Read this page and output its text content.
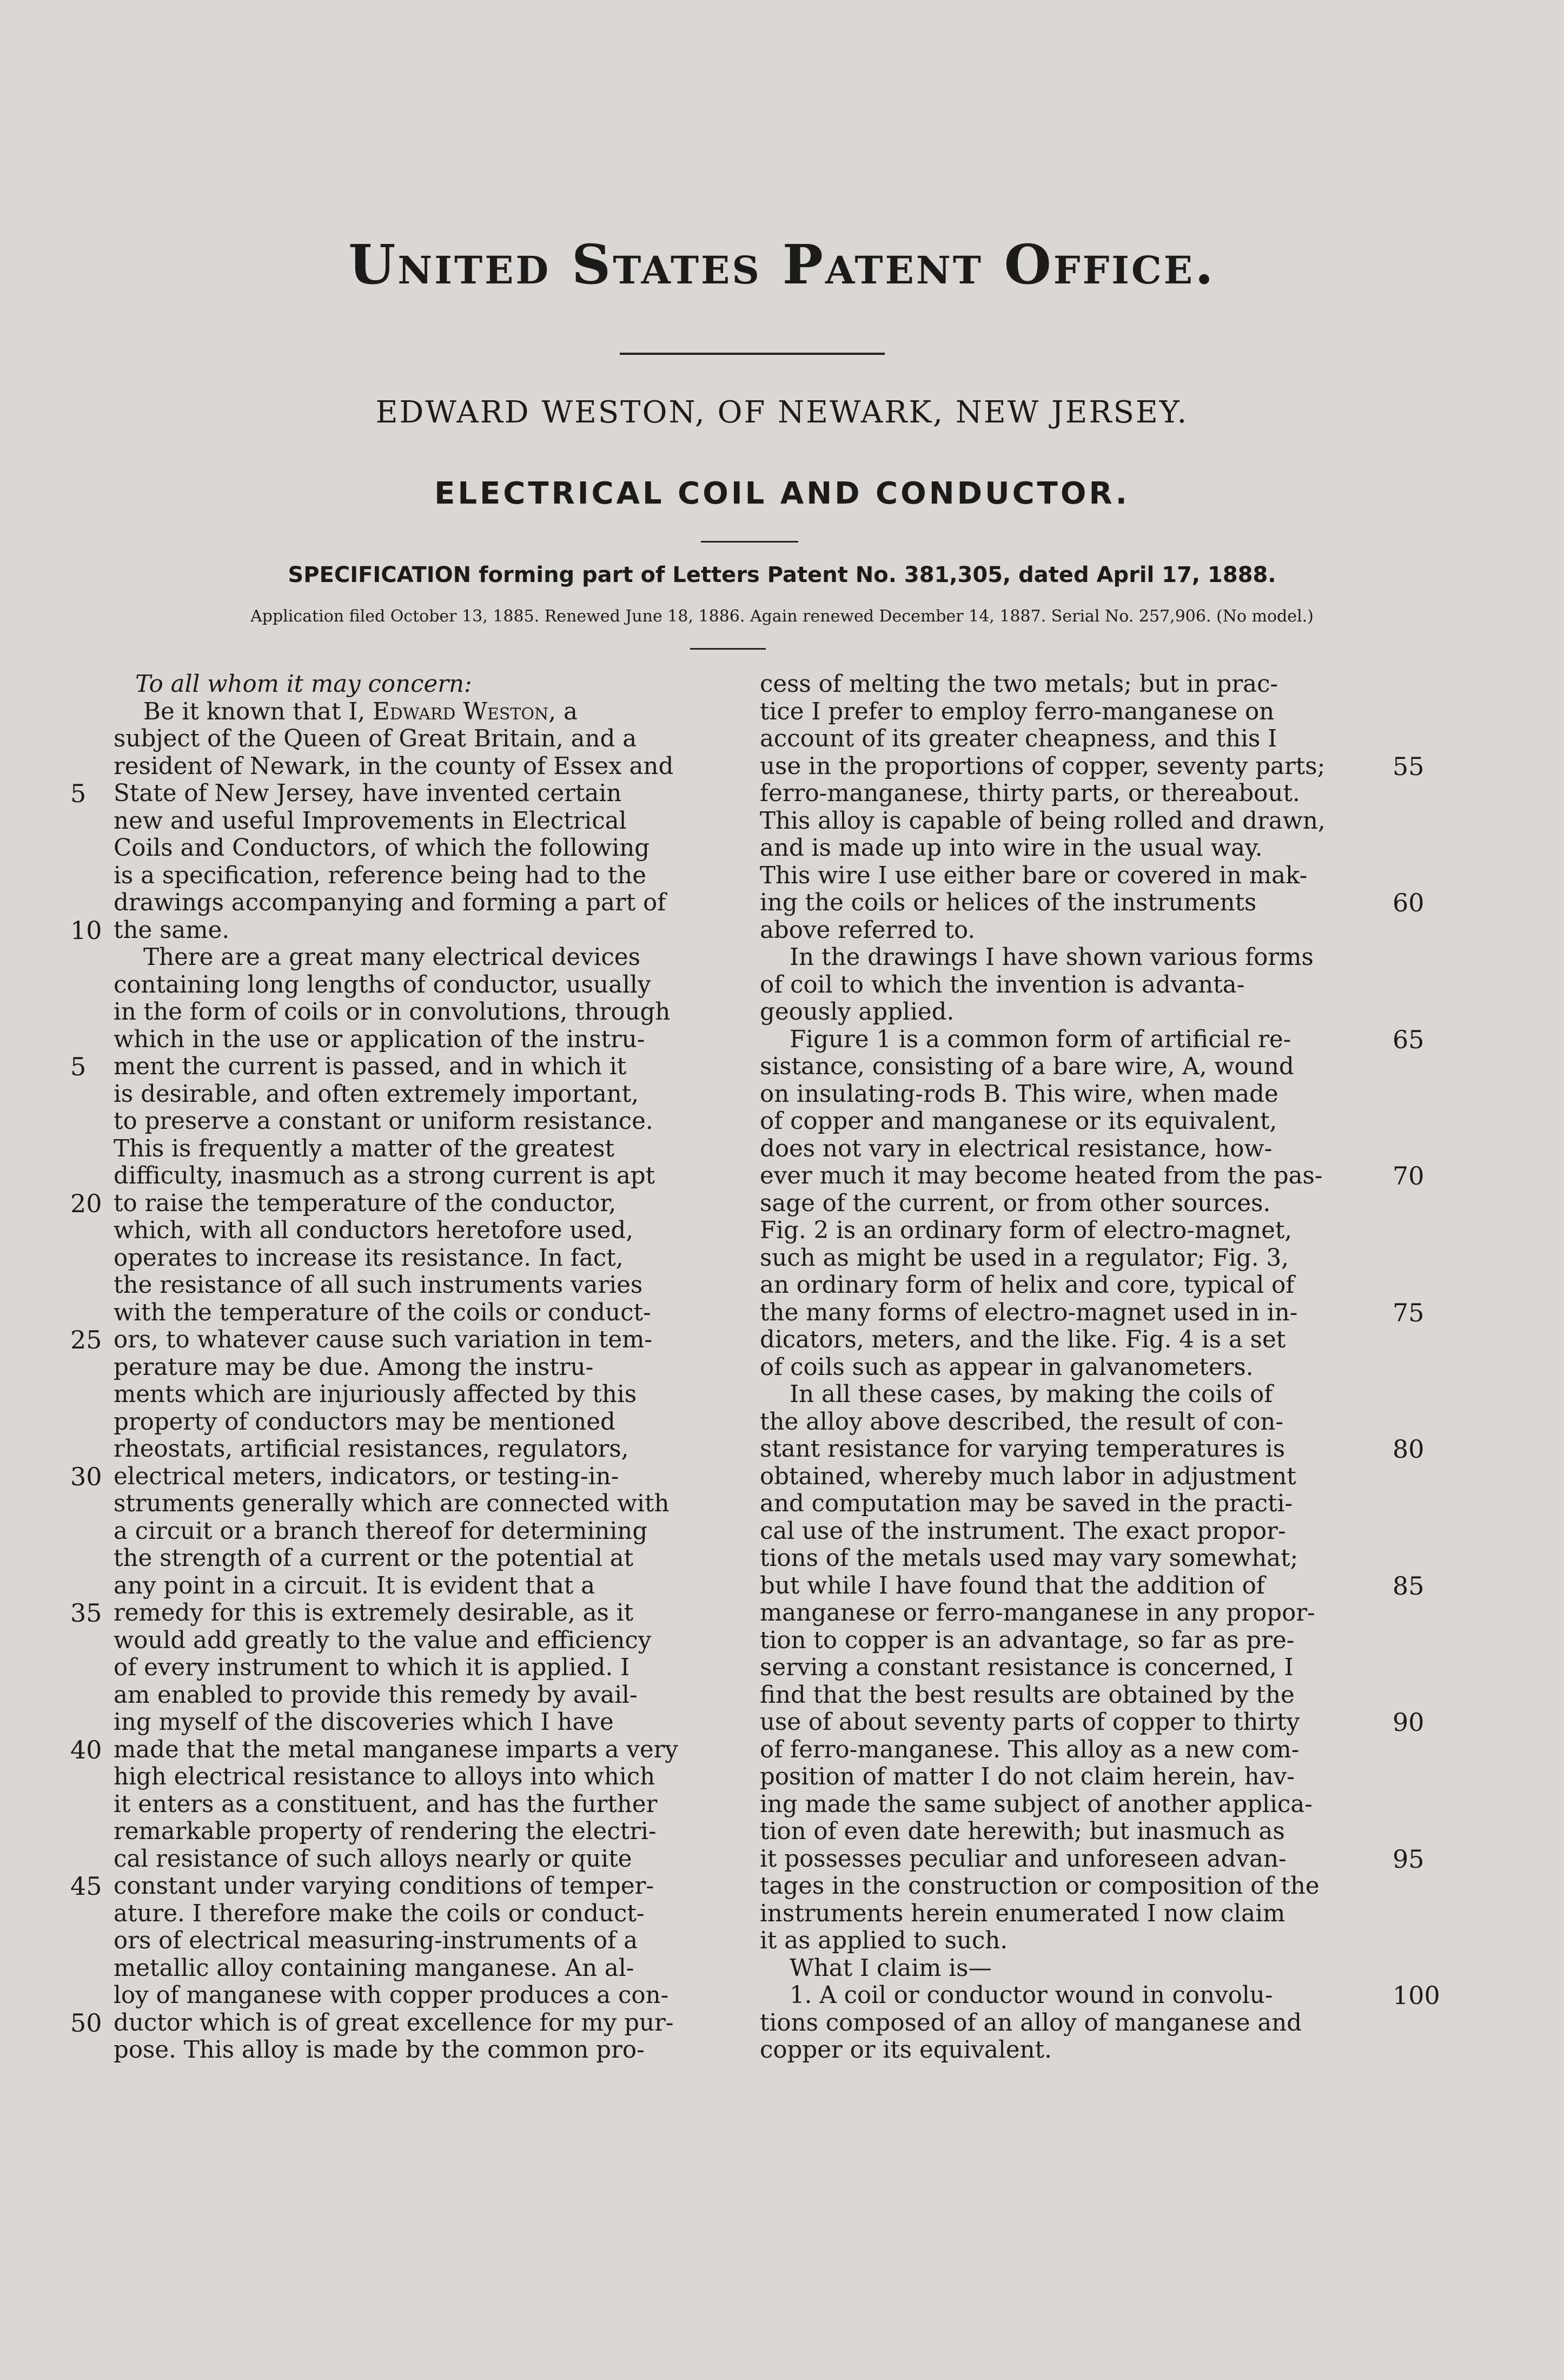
United States Patent Office.
EDWARD WESTON, OF NEWARK, NEW JERSEY.
ELECTRICAL COIL AND CONDUCTOR.
SPECIFICATION forming part of Letters Patent No. 381,305, dated April 17, 1888.
Application filed October 13, 1885. Renewed June 18, 1886. Again renewed December 14, 1887. Serial No. 257,906. (No model.)
To all whom it may concern:
Be it known that I, Edward Weston, a
subject of the Queen of Great Britain, and a
resident of Newark, in the county of Essex and
State of New Jersey, have invented certain
new and useful Improvements in Electrical
Coils and Conductors, of which the following
is a specification, reference being had to the
drawings accompanying and forming a part of
the same.
There are a great many electrical devices
containing long lengths of conductor, usually
in the form of coils or in convolutions, through
which in the use or application of the instru-
ment the current is passed, and in which it
is desirable, and often extremely important,
to preserve a constant or uniform resistance.
This is frequently a matter of the greatest
difficulty, inasmuch as a strong current is apt
to raise the temperature of the conductor,
which, with all conductors heretofore used,
operates to increase its resistance. In fact,
the resistance of all such instruments varies
with the temperature of the coils or conduct-
ors, to whatever cause such variation in tem-
perature may be due. Among the instru-
ments which are injuriously affected by this
property of conductors may be mentioned
rheostats, artificial resistances, regulators,
electrical meters, indicators, or testing-in-
struments generally which are connected with
a circuit or a branch thereof for determining
the strength of a current or the potential at
any point in a circuit. It is evident that a
remedy for this is extremely desirable, as it
would add greatly to the value and efficiency
of every instrument to which it is applied. I
am enabled to provide this remedy by avail-
ing myself of the discoveries which I have
made that the metal manganese imparts a very
high electrical resistance to alloys into which
it enters as a constituent, and has the further
remarkable property of rendering the electri-
cal resistance of such alloys nearly or quite
constant under varying conditions of temper-
ature. I therefore make the coils or conduct-
ors of electrical measuring-instruments of a
metallic alloy containing manganese. An al-
loy of manganese with copper produces a con-
ductor which is of great excellence for my pur-
pose. This alloy is made by the common pro-
5
10
5
20
25
30
35
40
45
50
cess of melting the two metals; but in prac-
tice I prefer to employ ferro-manganese on
account of its greater cheapness, and this I
use in the proportions of copper, seventy parts;
ferro-manganese, thirty parts, or thereabout.
This alloy is capable of being rolled and drawn,
and is made up into wire in the usual way.
This wire I use either bare or covered in mak-
ing the coils or helices of the instruments
above referred to.
In the drawings I have shown various forms
of coil to which the invention is advanta-
geously applied.
Figure 1 is a common form of artificial re-
sistance, consisting of a bare wire, A, wound
on insulating-rods B. This wire, when made
of copper and manganese or its equivalent,
does not vary in electrical resistance, how-
ever much it may become heated from the pas-
sage of the current, or from other sources.
Fig. 2 is an ordinary form of electro-magnet,
such as might be used in a regulator; Fig. 3,
an ordinary form of helix and core, typical of
the many forms of electro-magnet used in in-
dicators, meters, and the like. Fig. 4 is a set
of coils such as appear in galvanometers.
In all these cases, by making the coils of
the alloy above described, the result of con-
stant resistance for varying temperatures is
obtained, whereby much labor in adjustment
and computation may be saved in the practi-
cal use of the instrument. The exact propor-
tions of the metals used may vary somewhat;
but while I have found that the addition of
manganese or ferro-manganese in any propor-
tion to copper is an advantage, so far as pre-
serving a constant resistance is concerned, I
find that the best results are obtained by the
use of about seventy parts of copper to thirty
of ferro-manganese. This alloy as a new com-
position of matter I do not claim herein, hav-
ing made the same subject of another applica-
tion of even date herewith; but inasmuch as
it possesses peculiar and unforeseen advan-
tages in the construction or composition of the
instruments herein enumerated I now claim
it as applied to such.
What I claim is—
1. A coil or conductor wound in convolu-
tions composed of an alloy of manganese and
copper or its equivalent.
55
60
65
70
75
80
85
90
95
100
